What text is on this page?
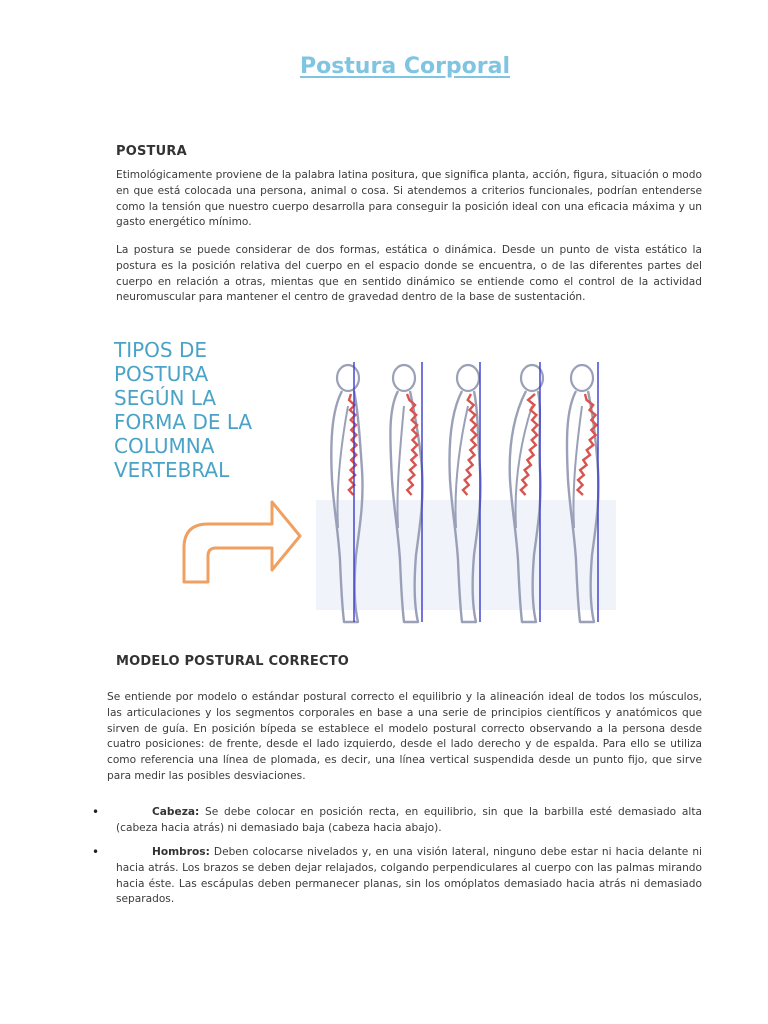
Postura Corporal
POSTURA
Etimológicamente proviene de la palabra latina positura, que significa planta, acción, figura, situación o modo en que está colocada una persona, animal o cosa. Si atendemos a criterios funcionales, podrían entenderse como la tensión que nuestro cuerpo desarrolla para conseguir la posición ideal con una eficacia máxima y un gasto energético mínimo.
La postura se puede considerar de dos formas, estática o dinámica. Desde un punto de vista estático la postura es la posición relativa del cuerpo en el espacio donde se encuentra, o de las diferentes partes del cuerpo en relación a otras, mientas que en sentido dinámico se entiende como el control de la actividad neuromuscular para mantener el centro de gravedad dentro de la base de sustentación.
TIPOS DE
POSTURA
SEGÚN LA
FORMA DE LA
COLUMNA
VERTEBRAL
MODELO POSTURAL CORRECTO
Se entiende por modelo o estándar postural correcto el equilibrio y la alineación ideal de todos los músculos, las articulaciones y los segmentos corporales en base a una serie de principios científicos y anatómicos que sirven de guía. En posición bípeda se establece el modelo postural correcto observando a la persona desde cuatro posiciones: de frente, desde el lado izquierdo, desde el lado derecho y de espalda. Para ello se utiliza como referencia una línea de plomada, es decir, una línea vertical suspendida desde un punto fijo, que sirve para medir las posibles desviaciones.
•	Cabeza: Se debe colocar en posición recta, en equilibrio, sin que la barbilla esté demasiado alta (cabeza hacia atrás) ni demasiado baja (cabeza hacia abajo).
•	Hombros: Deben colocarse nivelados y, en una visión lateral, ninguno debe estar ni hacia delante ni hacia atrás. Los brazos se deben dejar relajados, colgando perpendiculares al cuerpo con las palmas mirando hacia éste. Las escápulas deben permanecer planas, sin los omóplatos demasiado hacia atrás ni demasiado separados.
